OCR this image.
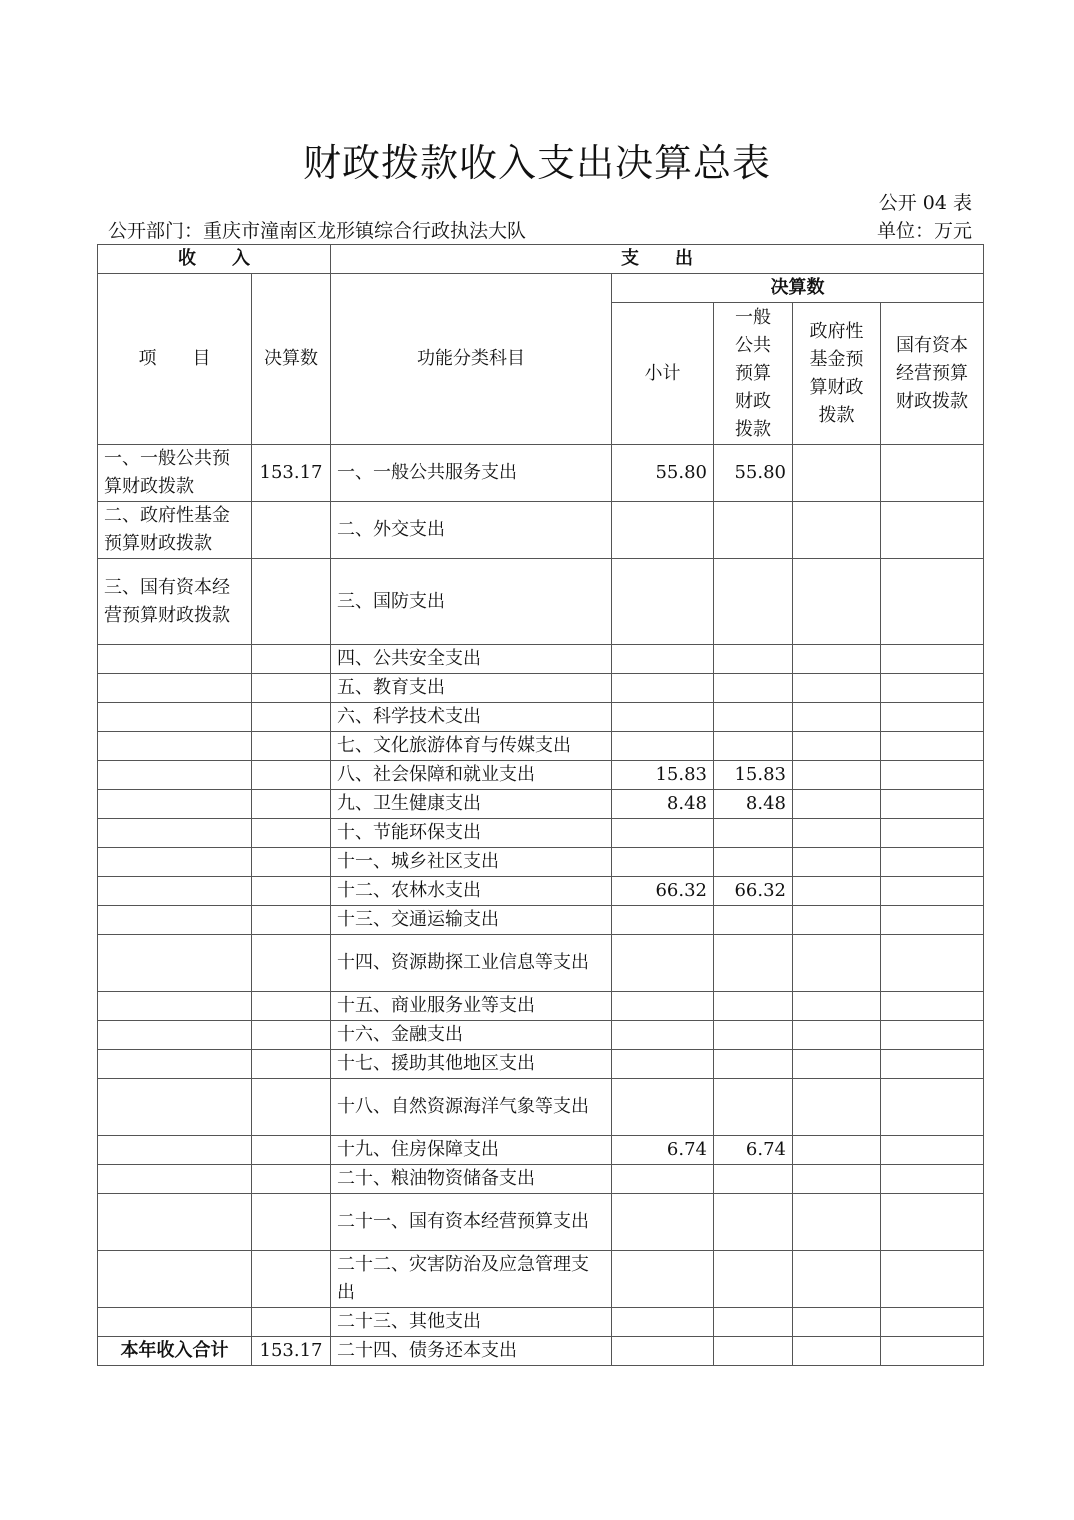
财政拨款收入支出决算总表
公开 04 表
公开部门：重庆市潼南区龙形镇综合行政执法大队	单位：万元
收　　入		支　　出				
项　　目	决算数	功能分类科目	决算数			
			小计	一般公共预算财政拨款	政府性基金预算财政拨款	国有资本经营预算财政拨款
一、一般公共预算财政拨款	153.17	一、一般公共服务支出	55.80	55.80		
二、政府性基金预算财政拨款		二、外交支出				
三、国有资本经营预算财政拨款		三、国防支出				
		四、公共安全支出				
		五、教育支出				
		六、科学技术支出				
		七、文化旅游体育与传媒支出				
		八、社会保障和就业支出	15.83	15.83		
		九、卫生健康支出	8.48	8.48		
		十、节能环保支出				
		十一、城乡社区支出				
		十二、农林水支出	66.32	66.32		
		十三、交通运输支出				
		十四、资源勘探工业信息等支出				
		十五、商业服务业等支出				
		十六、金融支出				
		十七、援助其他地区支出				
		十八、自然资源海洋气象等支出				
		十九、住房保障支出	6.74	6.74		
		二十、粮油物资储备支出				
		二十一、国有资本经营预算支出				
		二十二、灾害防治及应急管理支出				
		二十三、其他支出				
本年收入合计	153.17	二十四、债务还本支出				
